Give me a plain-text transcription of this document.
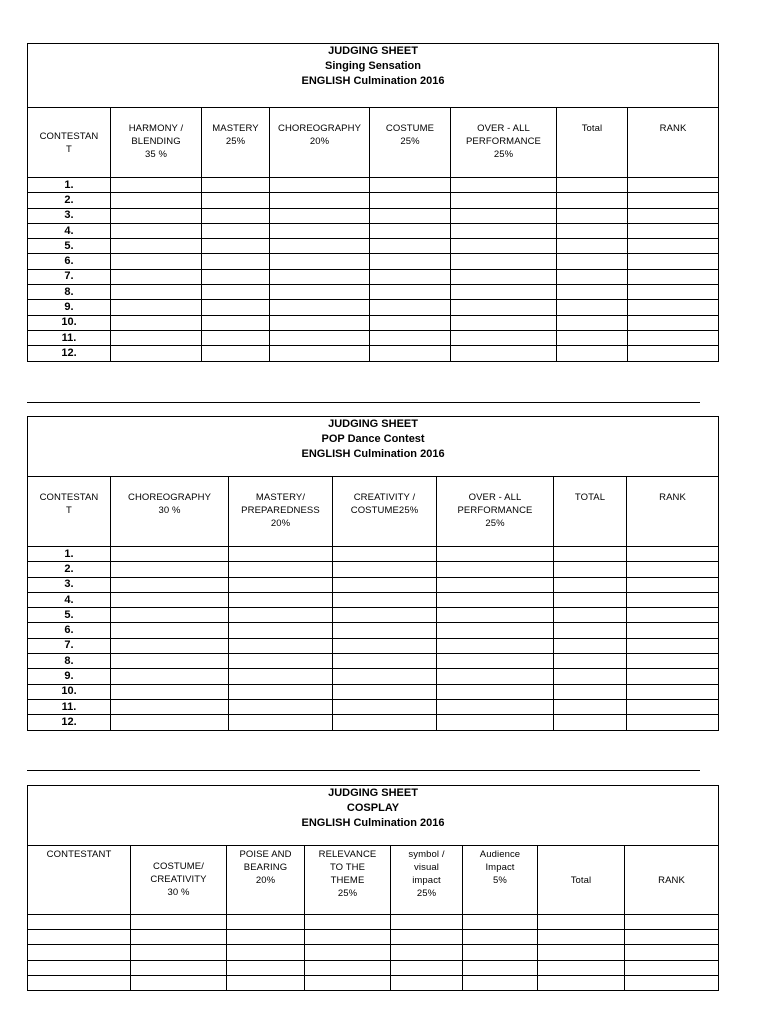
JUDGING SHEET
Singing Sensation
ENGLISH Culmination 2016							

CONTESTAN
T	HARMONY /
BLENDING
35 %	MASTERY
25%	CHOREOGRAPHY
20%	COSTUME
25%	OVER - ALL
PERFORMANCE
25%	Total	RANK
1.							
2.							
3.							
4.							
5.							
6.							
7.							
8.							
9.							
10.							
11.							
12.							
JUDGING SHEET
POP Dance Contest
ENGLISH Culmination 2016						

CONTESTAN
T	CHOREOGRAPHY
30 %	MASTERY/
PREPAREDNESS
20%	CREATIVITY /
COSTUME25%	OVER - ALL
PERFORMANCE
25%	TOTAL	RANK
1.						
2.						
3.						
4.						
5.						
6.						
7.						
8.						
9.						
10.						
11.						
12.						
JUDGING SHEET
COSPLAY
ENGLISH Culmination 2016							

CONTESTANT	COSTUME/
CREATIVITY
30 %	POISE AND
BEARING
20%	RELEVANCE
TO THE
THEME
25%	symbol /
visual
impact
25%	Audience
Impact
5%	Total	RANK
